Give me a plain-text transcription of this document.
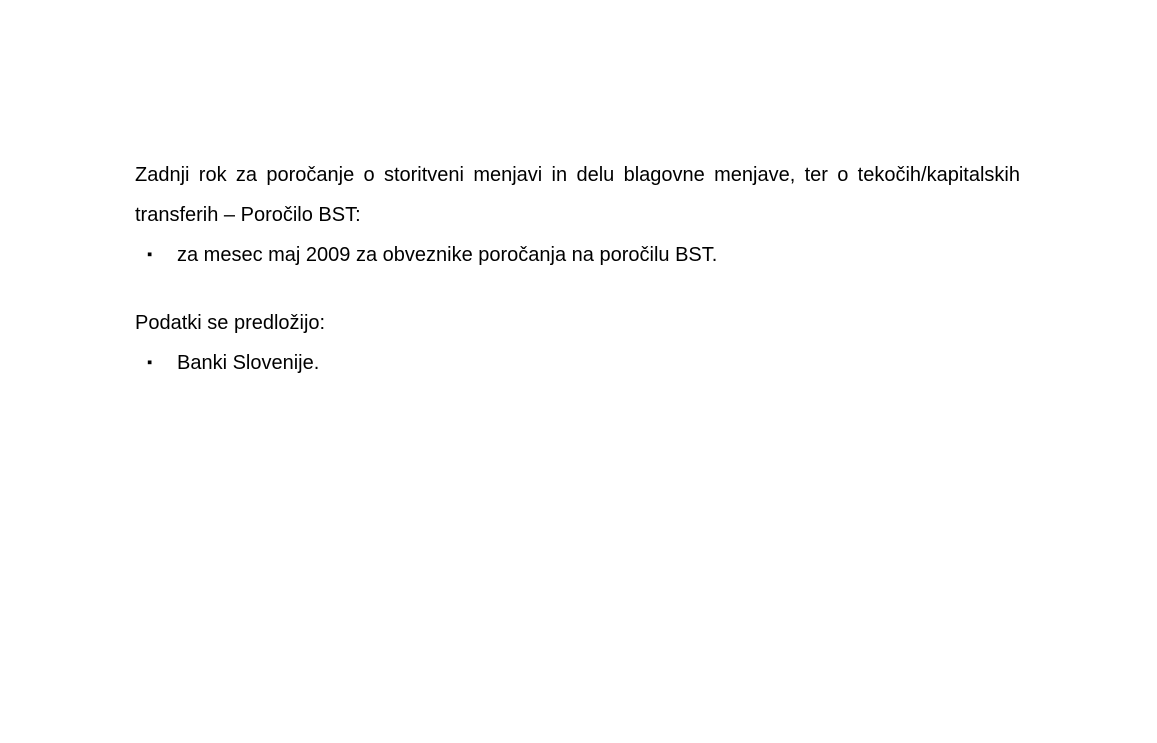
Zadnji rok za poročanje o storitveni menjavi in delu blagovne menjave, ter o tekočih/kapitalskih transferih – Poročilo BST:

▪	za mesec maj 2009 za obveznike poročanja na poročilu BST.

Podatki se predložijo:

▪	Banki Slovenije.
